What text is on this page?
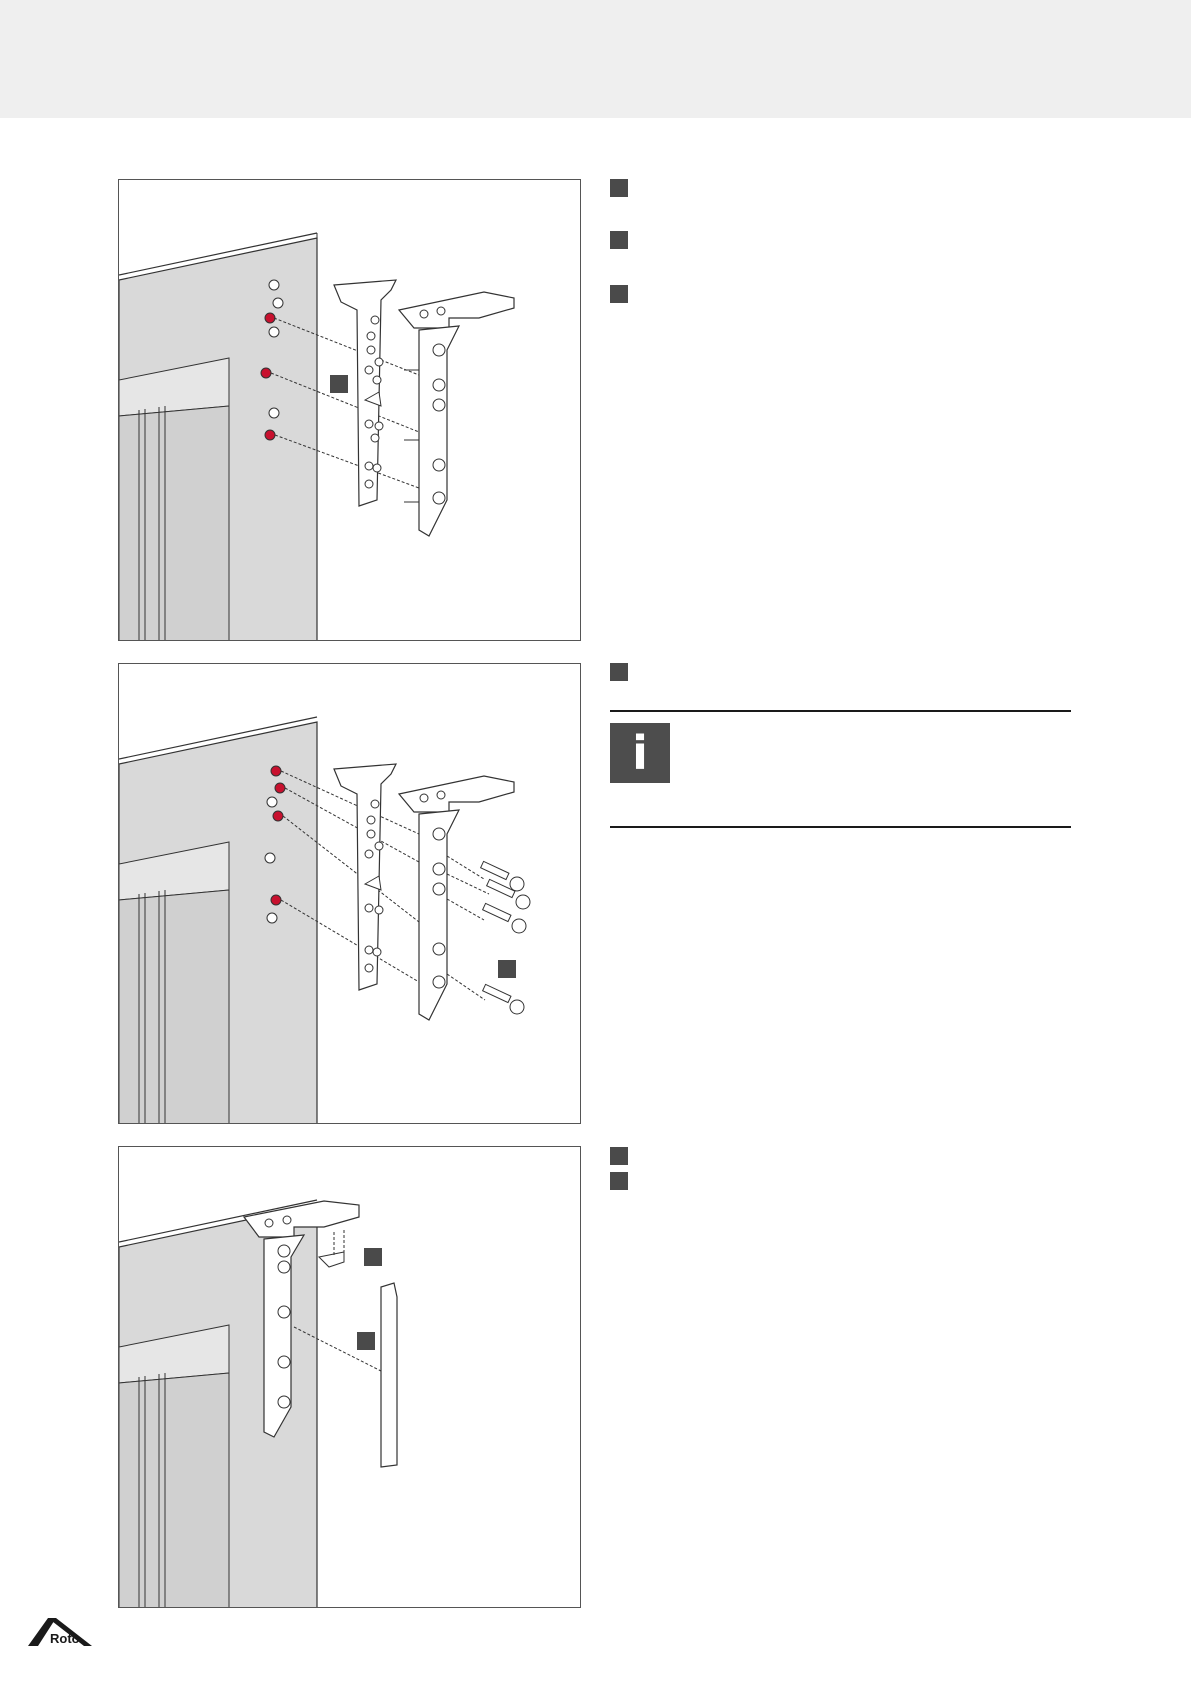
i
Roto
